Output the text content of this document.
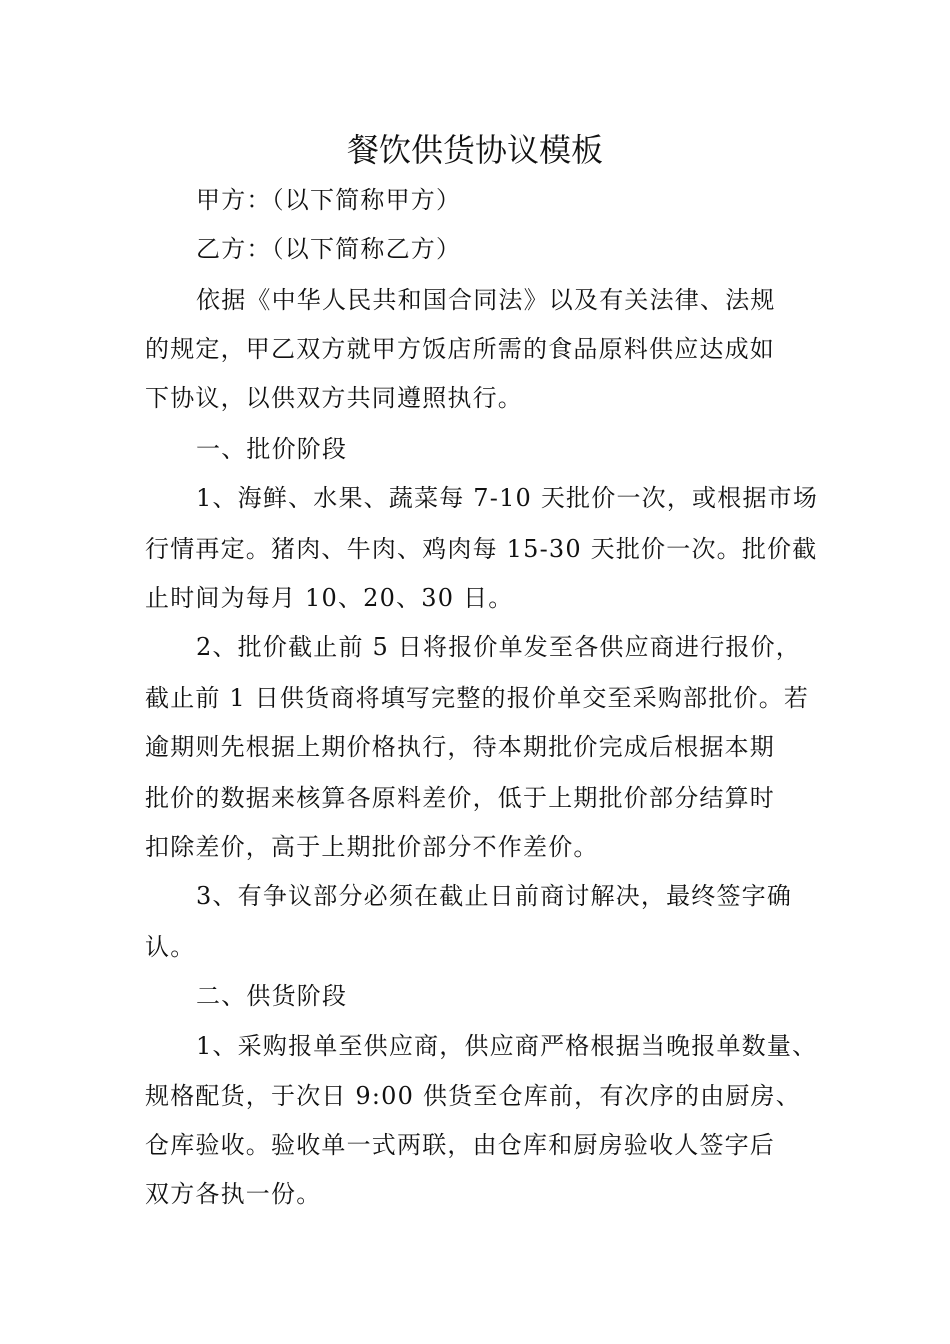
餐饮供货协议模板
甲方：（以下简称甲方）
乙方：（以下简称乙方）
依据《中华人民共和国合同法》以及有关法律、法规
的规定，甲乙双方就甲方饭店所需的食品原料供应达成如
下协议，以供双方共同遵照执行。
一、批价阶段
1、海鲜、水果、蔬菜每 7-10 天批价一次，或根据市场
行情再定。猪肉、牛肉、鸡肉每 15-30 天批价一次。批价截
止时间为每月 10、20、30 日。
2、批价截止前 5 日将报价单发至各供应商进行报价，
截止前 1 日供货商将填写完整的报价单交至采购部批价。若
逾期则先根据上期价格执行，待本期批价完成后根据本期
批价的数据来核算各原料差价，低于上期批价部分结算时
扣除差价，高于上期批价部分不作差价。
3、有争议部分必须在截止日前商讨解决，最终签字确
认。
二、供货阶段
1、采购报单至供应商，供应商严格根据当晚报单数量、
规格配货，于次日 9:00 供货至仓库前，有次序的由厨房、
仓库验收。验收单一式两联，由仓库和厨房验收人签字后
双方各执一份。
